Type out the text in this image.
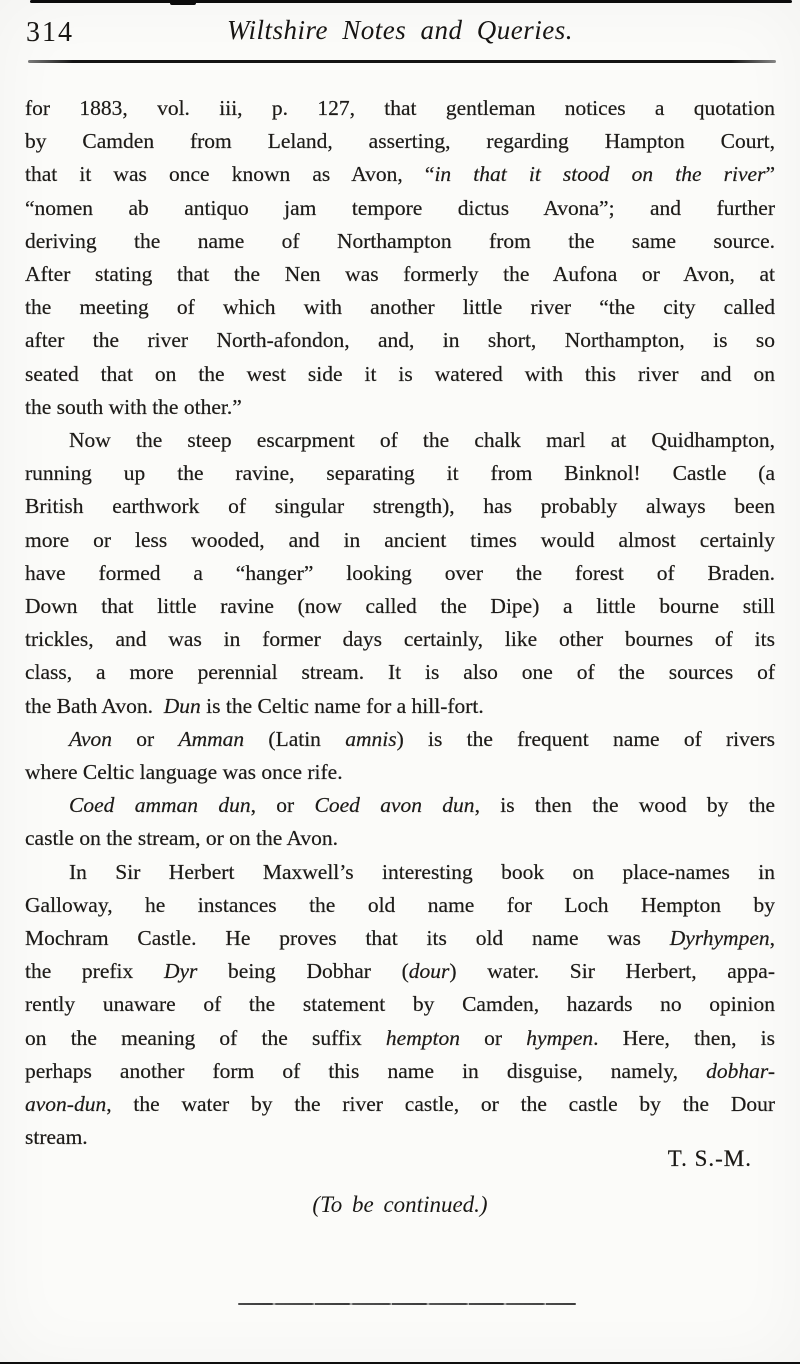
314	Wiltshire Notes and Queries.
for 1883, vol. iii, p. 127, that gentleman notices a quotation
by Camden from Leland, asserting, regarding Hampton Court,
that it was once known as Avon, “in that it stood on the river”
“nomen ab antiquo jam tempore dictus Avona”; and further
deriving the name of Northampton from the same source.
After stating that the Nen was formerly the Aufona or Avon, at
the meeting of which with another little river “the city called
after the river North-afondon, and, in short, Northampton, is so
seated that on the west side it is watered with this river and on
the south with the other.”
Now the steep escarpment of the chalk marl at Quidhampton,
running up the ravine, separating it from Binknol! Castle (a
British earthwork of singular strength), has probably always been
more or less wooded, and in ancient times would almost certainly
have formed a “hanger” looking over the forest of Braden.
Down that little ravine (now called the Dipe) a little bourne still
trickles, and was in former days certainly, like other bournes of its
class, a more perennial stream. It is also one of the sources of
the Bath Avon. Dun is the Celtic name for a hill-fort.
Avon or Amman (Latin amnis) is the frequent name of rivers
where Celtic language was once rife.
Coed amman dun, or Coed avon dun, is then the wood by the
castle on the stream, or on the Avon.
In Sir Herbert Maxwell’s interesting book on place-names in
Galloway, he instances the old name for Loch Hempton by
Mochram Castle. He proves that its old name was Dyrhympen,
the prefix Dyr being Dobhar (dour) water. Sir Herbert, appa-
rently unaware of the statement by Camden, hazards no opinion
on the meaning of the suffix hempton or hympen. Here, then, is
perhaps another form of this name in disguise, namely, dobhar-
avon-dun, the water by the river castle, or the castle by the Dour
stream.
T. S.-M.
(To be continued.)
